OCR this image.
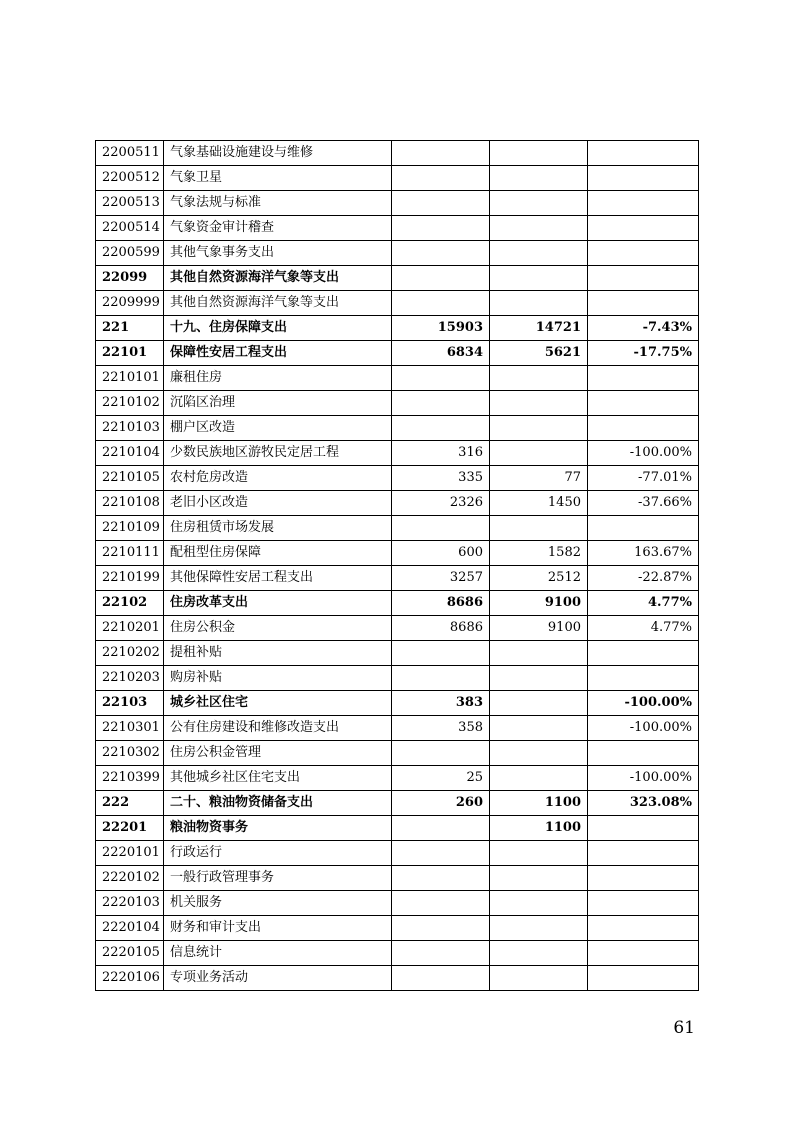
2200511	气象基础设施建设与维修			
2200512	气象卫星			
2200513	气象法规与标准			
2200514	气象资金审计稽查			
2200599	其他气象事务支出			
22099	其他自然资源海洋气象等支出			
2209999	其他自然资源海洋气象等支出			
221	十九、住房保障支出	15903	14721	-7.43%
22101	保障性安居工程支出	6834	5621	-17.75%
2210101	廉租住房			
2210102	沉陷区治理			
2210103	棚户区改造			
2210104	少数民族地区游牧民定居工程	316		-100.00%
2210105	农村危房改造	335	77	-77.01%
2210108	老旧小区改造	2326	1450	-37.66%
2210109	住房租赁市场发展			
2210111	配租型住房保障	600	1582	163.67%
2210199	其他保障性安居工程支出	3257	2512	-22.87%
22102	住房改革支出	8686	9100	4.77%
2210201	住房公积金	8686	9100	4.77%
2210202	提租补贴			
2210203	购房补贴			
22103	城乡社区住宅	383		-100.00%
2210301	公有住房建设和维修改造支出	358		-100.00%
2210302	住房公积金管理			
2210399	其他城乡社区住宅支出	25		-100.00%
222	二十、粮油物资储备支出	260	1100	323.08%
22201	粮油物资事务		1100	
2220101	行政运行			
2220102	一般行政管理事务			
2220103	机关服务			
2220104	财务和审计支出			
2220105	信息统计			
2220106	专项业务活动			
61
